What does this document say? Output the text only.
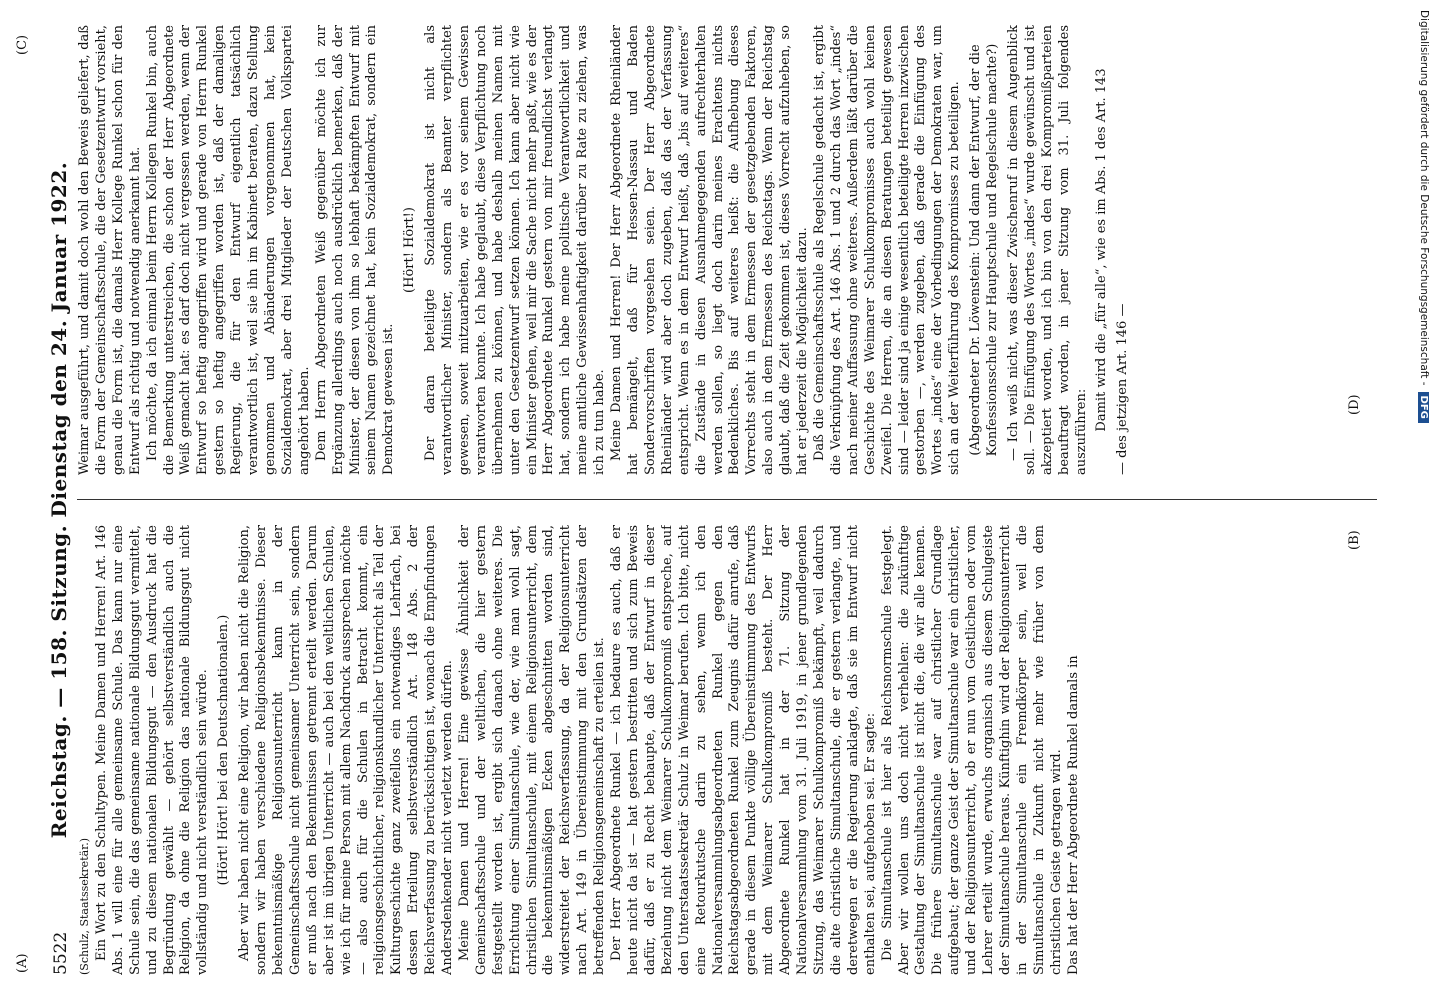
5522
Reichstag. — 158. Sitzung. Dienstag den 24. Januar 1922.

(Schulz, Staatssekretär.) Ein Wort zu den Schultypen. Meine Damen und Herren! Art. 146 Abs. 1 will eine für alle gemeinsame Schule. Das kann nur eine Schule sein, die das gemeinsame nationale Bildungsgut vermittelt, und zu diesem nationalen Bildungsgut — den Ausdruck hat die Begründung gewählt — gehört selbstverständlich auch die Religion, da ohne die Religion das nationale Bildungsgut nicht vollständig und nicht verständlich sein würde. (Hört! Hört! bei den Deutschnationalen.) Aber wir haben nicht eine Religion, wir haben nicht die Religion, sondern wir haben verschiedene Religionsbekenntnisse. Dieser bekenntnismäßige Religionsunterricht kann in der Gemeinschaftsschule nicht gemeinsamer Unterricht sein, sondern er muß nach den Bekenntnissen getrennt erteilt werden. Darum aber ist im übrigen Unterricht — auch bei den weltlichen Schulen, wie ich für meine Person mit allem Nachdruck aussprechen möchte — also auch für die Schulen in Betracht kommt, ein religionsgeschichtlicher, religionskundlicher Unterricht als Teil der Kulturgeschichte ganz zweifellos ein notwendiges Lehrfach, bei dessen Erteilung selbstverständlich Art. 148 Abs. 2 der Reichsverfassung zu berücksichtigen ist, wonach die Empfindungen Andersdenkender nicht verletzt werden dürfen. Meine Damen und Herren! Eine gewisse Ähnlichkeit der Gemeinschaftsschule und der weltlichen, die hier gestern festgestellt worden ist, ergibt sich danach ohne weiteres. Die Errichtung einer Simultanschule, wie der, wie man wohl sagt, christlichen Simultanschule, mit einem Religionsunterricht, dem die bekenntnismäßigen Ecken abgeschnitten worden sind, widerstreitet der Reichsverfassung, da der Religionsunterricht nach Art. 149 in Übereinstimmung mit den Grundsätzen der betreffenden Religionsgemeinschaft zu erteilen ist. Der Herr Abgeordnete Runkel — ich bedaure es auch, daß er heute nicht da ist — hat gestern bestritten und sich zum Beweis dafür, daß er zu Recht behaupte, daß der Entwurf in dieser Beziehung nicht dem Weimarer Schulkompromiß entspreche, auf den Unterstaatssekretär Schulz in Weimar berufen. Ich bitte, nicht eine Retourkutsche darin zu sehen, wenn ich den Nationalversammlungsabgeordneten Runkel gegen den Reichstagsabgeordneten Runkel zum Zeugnis dafür anrufe, daß gerade in diesem Punkte völlige Übereinstimmung des Entwurfs mit dem Weimarer Schulkompromiß besteht. Der Herr Abgeordnete Runkel hat in der 71. Sitzung der Nationalversammlung vom 31. Juli 1919, in jener grundlegenden Sitzung, das Weimarer Schulkompromiß bekämpft, weil dadurch die alte christliche Simultanschule, die er gestern verlangte, und deretwegen er die Regierung anklagte, daß sie im Entwurf nicht enthalten sei, aufgehoben sei. Er sagte: Die Simultanschule ist hier als Reichsnormschule festgelegt. Aber wir wollen uns doch nicht verhehlen: die zukünftige Gestaltung der Simultanschule ist nicht die, die wir alle kennen. Die frühere Simultanschule war auf christlicher Grundlage aufgebaut; der ganze Geist der Simultanschule war ein christlicher, und der Religionsunterricht, ob er nun vom Geistlichen oder vom Lehrer erteilt wurde, erwuchs organisch aus diesem Schulgeiste der Simultanschule heraus. Künftighin wird der Religionsunterricht in der Simultanschule ein Fremdkörper sein, weil die Simultanschule in Zukunft nicht mehr wie früher von dem christlichen Geiste getragen wird. Das hat der Herr Abgeordnete Runkel damals in

Weimar ausgeführt, und damit doch wohl den Beweis geliefert, daß die Form der Gemeinschaftsschule, die der Gesetzentwurf vorsieht, genau die Form ist, die damals Herr Kollege Runkel schon für den Entwurf als richtig und notwendig anerkannt hat. Ich möchte, da ich einmal beim Herrn Kollegen Runkel bin, auch die Bemerkung unterstreichen, die schon der Herr Abgeordnete Weiß gemacht hat: es darf doch nicht vergessen werden, wenn der Entwurf so heftig angegriffen wird und gerade von Herrn Runkel gestern so heftig angegriffen worden ist, daß der damaligen Regierung, die für den Entwurf eigentlich tatsächlich verantwortlich ist, weil sie ihn im Kabinett beraten, dazu Stellung genommen und Abänderungen vorgenommen hat, kein Sozialdemokrat, aber drei Mitglieder der Deutschen Volkspartei angehört haben. Dem Herrn Abgeordneten Weiß gegenüber möchte ich zur Ergänzung allerdings auch noch ausdrücklich bemerken, daß der Minister, der diesen von ihm so lebhaft bekämpften Entwurf mit seinem Namen gezeichnet hat, kein Sozialdemokrat, sondern ein Demokrat gewesen ist.

(Hört! Hört!) Der daran beteiligte Sozialdemokrat ist nicht als verantwortlicher Minister, sondern als Beamter verpflichtet gewesen, soweit mitzuarbeiten, wie er es vor seinem Gewissen verantworten konnte. Ich habe geglaubt, diese Verpflichtung noch übernehmen zu können, und habe deshalb meinen Namen mit unter den Gesetzentwurf setzen können. Ich kann aber nicht wie ein Minister gehen, weil mir die Sache nicht mehr paßt, wie es der Herr Abgeordnete Runkel gestern von mir freundlichst verlangt hat, sondern ich habe meine politische Verantwortlichkeit und meine amtliche Gewissenhaftigkeit darüber zu Rate zu ziehen, was ich zu tun habe. Meine Damen und Herren! Der Herr Abgeordnete Rheinländer hat bemängelt, daß für Hessen-Nassau und Baden Sondervorschriften vorgesehen seien. Der Herr Abgeordnete Rheinländer wird aber doch zugeben, daß das der Verfassung entspricht. Wenn es in dem Entwurf heißt, daß „bis auf weiteres“ die Zustände in diesen Ausnahmegegenden aufrechterhalten werden sollen, so liegt doch darin meines Erachtens nichts Bedenkliches. Bis auf weiteres heißt: die Aufhebung dieses Vorrechts steht in dem Ermessen der gesetzgebenden Faktoren, also auch in dem Ermessen des Reichstags. Wenn der Reichstag glaubt, daß die Zeit gekommen ist, dieses Vorrecht aufzuheben, so hat er jederzeit die Möglichkeit dazu. Daß die Gemeinschaftsschule als Regelschule gedacht ist, ergibt die Verknüpfung des Art. 146 Abs. 1 und 2 durch das Wort „indes“ nach meiner Auffassung ohne weiteres. Außerdem läßt darüber die Geschichte des Weimarer Schulkompromisses auch wohl keinen Zweifel. Die Herren, die an diesen Beratungen beteiligt gewesen sind — leider sind ja einige wesentlich beteiligte Herren inzwischen gestorben —, werden zugeben, daß gerade die Einfügung des Wortes „indes“ eine der Vorbedingungen der Demokraten war, um sich an der Weiterführung des Kompromisses zu beteiligen. (Abgeordneter Dr. Löwenstein: Und dann der Entwurf, der die Konfessionsschule zur Hauptschule und Regelschule machte?) — Ich weiß nicht, was dieser Zwischenruf in diesem Augenblick soll. — Die Einfügung des Wortes „indes“ wurde gewünscht und ist akzeptiert worden, und ich bin von den drei Kompromißparteien beauftragt worden, in jener Sitzung vom 31. Juli folgendes auszuführen:

Damit wird die „für alle“, wie es im Abs. 1 des Art. 143 — des jetzigen Art. 146 —

(A)
(B)
(C)
(D)
Digitalisierung gefördert durch die Deutsche Forschungsgemeinschaft -DFG
